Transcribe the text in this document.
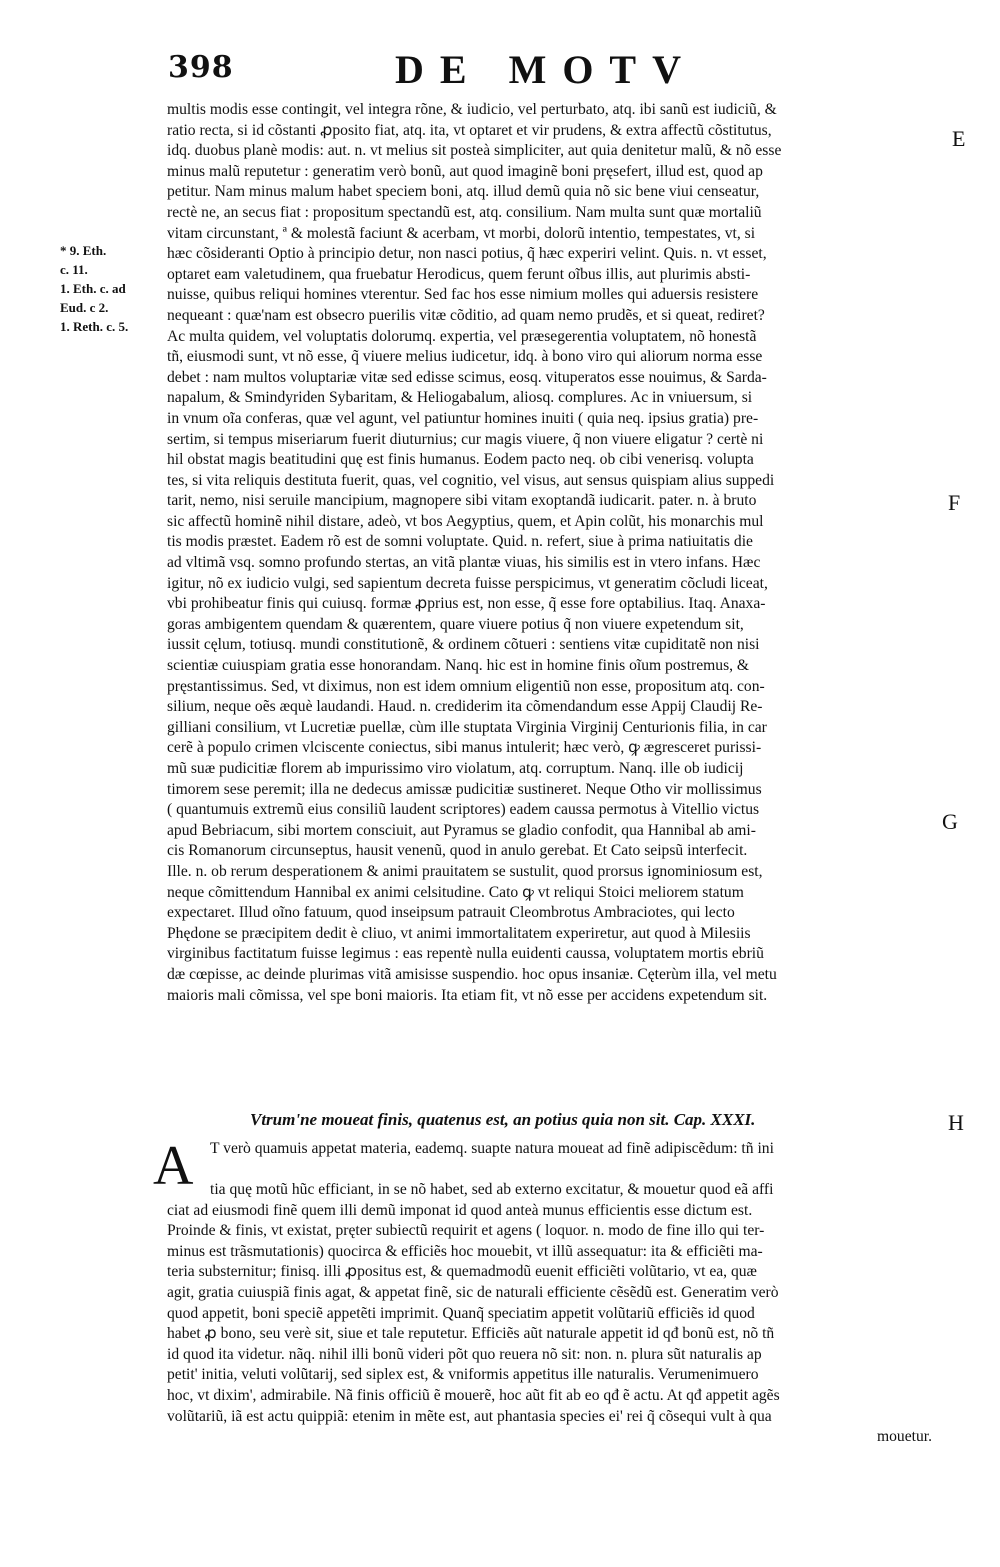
398	DE MOTV
E
F
G
H
* 9. Eth.
c. 11.
1. Eth. c. ad
Eud. c 2.
1. Reth. c. 5.
multis modis esse contingit, vel integra rõne, & iudicio, vel perturbato, atq. ibi sanũ est iudiciũ, &
ratio recta, si id cõstanti ꝓposito fiat, atq. ita, vt optaret et vir prudens, & extra affectũ cõstitutus,
idq. duobus planè modis: aut. n. vt melius sit posteà simpliciter, aut quia denitetur malũ, & nõ esse
minus malũ reputetur : generatim verò bonũ, aut quod imaginẽ boni pręsefert, illud est, quod ap
petitur. Nam minus malum habet speciem boni, atq. illud demũ quia nõ sic bene viui censeatur,
rectè ne, an secus fiat : propositum spectandũ est, atq. consilium. Nam multa sunt quæ mortaliũ
vitam circunstant, ª & molestã faciunt & acerbam, vt morbi, dolorũ intentio, tempestates, vt, si
hæc cõsideranti Optio à principio detur, non nasci potius, q̃ hæc experiri velint. Quis. n. vt esset,
optaret eam valetudinem, qua fruebatur Herodicus, quem ferunt oĩbus illis, aut plurimis absti-
nuisse, quibus reliqui homines vterentur. Sed fac hos esse nimium molles qui aduersis resistere
nequeant : quæ'nam est obsecro puerilis vitæ cõditio, ad quam nemo prudẽs, et si queat, rediret?
Ac multa quidem, vel voluptatis dolorumq. expertia, vel præsegerentia voluptatem, nõ honestã
tñ, eiusmodi sunt, vt nõ esse, q̃ viuere melius iudicetur, idq. à bono viro qui aliorum norma esse
debet : nam multos voluptariæ vitæ sed edisse scimus, eosq. vituperatos esse nouimus, & Sarda-
napalum, & Smindyriden Sybaritam, & Heliogabalum, aliosq. complures. Ac in vniuersum, si
in vnum oĩa conferas, quæ vel agunt, vel patiuntur homines inuiti ( quia neq. ipsius gratia) pre-
sertim, si tempus miseriarum fuerit diuturnius; cur magis viuere, q̃ non viuere eligatur ? certè ni
hil obstat magis beatitudini quę est finis humanus. Eodem pacto neq. ob cibi venerisq. volupta
tes, si vita reliquis destituta fuerit, quas, vel cognitio, vel visus, aut sensus quispiam alius suppedi
tarit, nemo, nisi seruile mancipium, magnopere sibi vitam exoptandã iudicarit. pater. n. à bruto
sic affectũ hominẽ nihil distare, adeò, vt bos Aegyptius, quem, et Apin colũt, his monarchis mul
tis modis præstet. Eadem rõ est de somni voluptate. Quid. n. refert, siue à prima natiuitatis die
ad vltimã vsq. somno profundo stertas, an vitã plantæ viuas, his similis est in vtero infans. Hæc
igitur, nõ ex iudicio vulgi, sed sapientum decreta fuisse perspicimus, vt generatim cõcludi liceat,
vbi prohibeatur finis qui cuiusq. formæ ꝓprius est, non esse, q̃ esse fore optabilius. Itaq. Anaxa-
goras ambigentem quendam & quærentem, quare viuere potius q̃ non viuere expetendum sit,
iussit cęlum, totiusq. mundi constitutionẽ, & ordinem cõtueri : sentiens vitæ cupiditatẽ non nisi
scientiæ cuiuspiam gratia esse honorandam. Nanq. hic est in homine finis oĩum postremus, &
pręstantissimus. Sed, vt diximus, non est idem omnium eligentiũ non esse, propositum atq. con-
silium, neque oẽs æquè laudandi. Haud. n. crediderim ita cõmendandum esse Appij Claudij Re-
gilliani consilium, vt Lucretiæ puellæ, cùm ille stuptata Virginia Virginij Centurionis filia, in car
cerẽ à populo crimen vlciscente coniectus, sibi manus intulerit; hæc verò, ꝙ ægresceret purissi-
mũ suæ pudicitiæ florem ab impurissimo viro violatum, atq. corruptum. Nanq. ille ob iudicij
timorem sese peremit; illa ne dedecus amissæ pudicitiæ sustineret. Neque Otho vir mollissimus
( quantumuis extremũ eius consiliũ laudent scriptores) eadem caussa permotus à Vitellio victus
apud Bebriacum, sibi mortem consciuit, aut Pyramus se gladio confodit, qua Hannibal ab ami-
cis Romanorum circunseptus, hausit venenũ, quod in anulo gerebat. Et Cato seipsũ interfecit.
Ille. n. ob rerum desperationem & animi prauitatem se sustulit, quod prorsus ignominiosum est,
neque cõmittendum Hannibal ex animi celsitudine. Cato ꝙ vt reliqui Stoici meliorem statum
expectaret. Illud oĩno fatuum, quod inseipsum patrauit Cleombrotus Ambraciotes, qui lecto
Phędone se præcipitem dedit è cliuo, vt animi immortalitatem experiretur, aut quod à Milesiis
virginibus factitatum fuisse legimus : eas repentè nulla euidenti caussa, voluptatem mortis ebriũ
dæ cœpisse, ac deinde plurimas vitã amisisse suspendio. hoc opus insaniæ. Cęterùm illa, vel metu
maioris mali cõmissa, vel spe boni maioris. Ita etiam fit, vt nõ esse per accidens expetendum sit.
Vtrum'ne moueat finis, quatenus est, an potius quia non sit. Cap. XXXI.
A T verò quamuis appetat materia, eademq. suapte natura moueat ad finẽ adipiscẽdum: tñ ini
tia quę motũ hũc efficiant, in se nõ habet, sed ab externo excitatur, & mouetur quod eã affi
ciat ad eiusmodi finẽ quem illi demũ imponat id quod anteà munus efficientis esse dictum est.
Proinde & finis, vt existat, pręter subiectũ requirit et agens ( loquor. n. modo de fine illo qui ter-
minus est trãsmutationis) quocirca & efficiẽs hoc mouebit, vt illũ assequatur: ita & efficiẽti ma-
teria substernitur; finisq. illi ꝓpositus est, & quemadmodũ euenit efficiẽti volũtario, vt ea, quæ
agit, gratia cuiuspiã finis agat, & appetat finẽ, sic de naturali efficiente cẽsẽdũ est. Generatim verò
quod appetit, boni speciẽ appetẽti imprimit. Quanq̃ speciatim appetit volũtariũ efficiẽs id quod
habet ꝓ bono, seu verè sit, siue et tale reputetur. Efficiẽs aũt naturale appetit id qđ bonũ est, nõ tñ
id quod ita videtur. nãq. nihil illi bonũ videri põt quo reuera nõ sit: non. n. plura sũt naturalis ap
petit' initia, veluti volũtarij, sed siplex est, & vniformis appetitus ille naturalis. Verumenimuero
hoc, vt dixim', admirabile. Nã finis officiũ ẽ mouerẽ, hoc aũt fit ab eo qđ ẽ actu. At qđ appetit agẽs
volũtariũ, iã est actu quippiã: etenim in mẽte est, aut phantasia species ei' rei q̃ cõsequi vult à qua
mouetur.
